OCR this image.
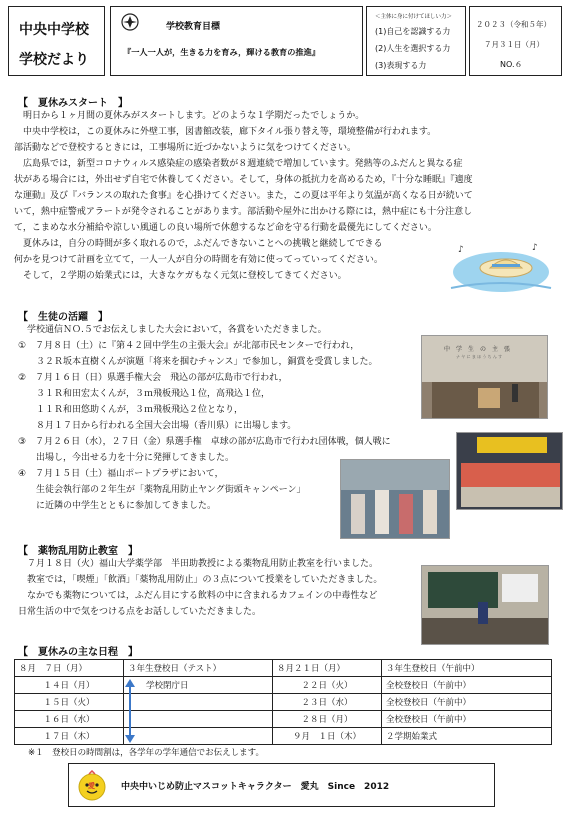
中央中学校
学校だより
学校教育目標
『一人一人が，生きる力を育み，輝ける教育の推進』
＜主体に身に付けてほしい力＞
(1)自己を認識する力
(2)人生を選択する力
(3)表現する力
２０２３（令和５年）
７月３１日（月）
NO.６
【　夏休みスタート　】
　明日から１ヶ月間の夏休みがスタートします。どのような１学期だったでしょうか。
　中央中学校は，この夏休みに外壁工事，図書館改装，廊下タイル張り替え等，環境整備が行われます。
部活動などで登校するときには，工事場所に近づかないように気をつけてください。
　広島県では，新型コロナウィルス感染症の感染者数が８週連続で増加しています。発熱等のふだんと異なる症
状がある場合には，外出せず自宅で休養してください。そして，身体の抵抗力を高めるため，『十分な睡眠』『適度
な運動』及び『バランスの取れた食事』を心掛けてください。また，この夏は平年より気温が高くなる日が続いて
いて，熱中症警戒アラートが発令されることがあります。部活動や屋外に出かける際には，熱中症にも十分注意し
て，こまめな水分補給や涼しい風通しの良い場所で休憩するなど命を守る行動を最優先にしてください。
　夏休みは，自分の時間が多く取れるので，ふだんできないことへの挑戦と継続してできる
何かを見つけて計画を立てて，一人一人が自分の時間を有効に使ってっていってください。
　そして，２学期の始業式には，大きなケガもなく元気に登校してきてください。
♪	♪
【　生徒の活躍　】
　学校通信ＮＯ.５でお伝えしました大会において，各賞をいただきました。
①　７月８日（土）に『第４２回中学生の主張大会』が北部市民センターで行われ，
　　３２Ｒ坂本直樹くんが演題「将来を掴むチャンス」で参加し，銅賞を受賞しました。
②　７月１６日（日）県選手権大会　飛込の部が広島市で行われ，
　　３１Ｒ和田宏太くんが，３ｍ飛板飛込１位，高飛込１位，
　　１１Ｒ和田悠助くんが，３ｍ飛板飛込２位となり，
　　８月１７日から行われる全国大会出場（香川県）に出場します。
③　７月２６日（水），２７日（金）県選手権　卓球の部が広島市で行われ団体戦，個人戦に
　　出場し，今出せる力を十分に発揮してきました。
④　７月１５日（土）福山ポートプラザにおいて，
　　生徒会執行部の２年生が「薬物乱用防止ヤング街頭キャンペーン」
　　に近隣の中学生とともに参加してきました。
中　学　生　の　主　張
ナ ヤ に ま ほ う ち ん す
【　薬物乱用防止教室　】
　７月１８日（火）福山大学薬学部　半田助教授による薬物乱用防止教室を行いました。
　教室では，「喫煙」「飲酒」「薬物乱用防止」の３点について授業をしていただきました。
　なかでも薬物については，ふだん目にする飲料の中に含まれるカフェインの中毒性など
日常生活の中で気をつける点をお話ししていただきました。
【　夏休みの主な日程　】
８月　７日（月）	３年生登校日（テスト）	８月２１日（月）	３年生登校日（午前中）
１４日（月）	学校閉庁日	２２日（火）	全校登校日（午前中）
１５日（火）		２３日（水）	全校登校日（午前中）
１６日（水）		２８日（月）	全校登校日（午前中）
１７日（木）		９月　１日（木）	２学期始業式
※１　登校日の時間割は，各学年の学年通信でお伝えします。
愛	中央中いじめ防止マスコットキャラクター　愛丸　Since　2012
